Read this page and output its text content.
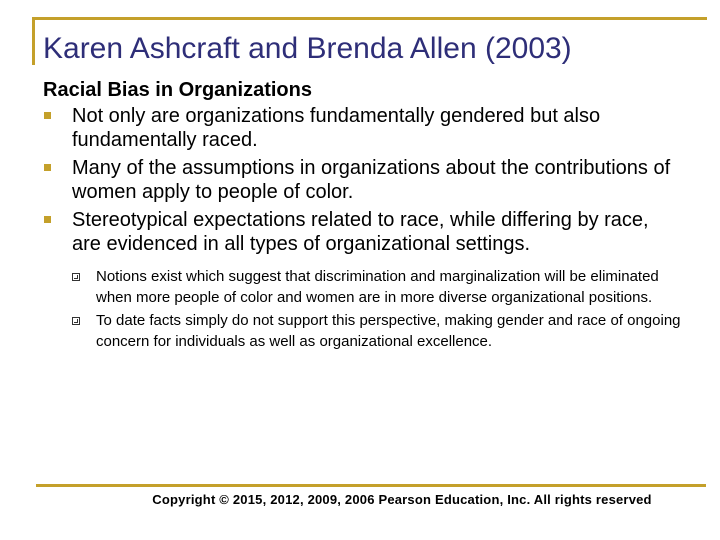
Karen Ashcraft and Brenda Allen (2003)
Racial Bias in Organizations
Not only are organizations fundamentally gendered but also fundamentally raced.
Many of the assumptions in organizations about the contributions of women apply to people of color.
Stereotypical expectations related to race, while differing by race, are evidenced in all types of organizational settings.
Notions exist which suggest that discrimination and marginalization will be eliminated when more people of color and women are in more diverse organizational positions.
To date facts simply do not support this perspective, making gender and race of ongoing concern for individuals as well as organizational excellence.
Copyright © 2015, 2012, 2009, 2006 Pearson Education, Inc. All rights reserved
